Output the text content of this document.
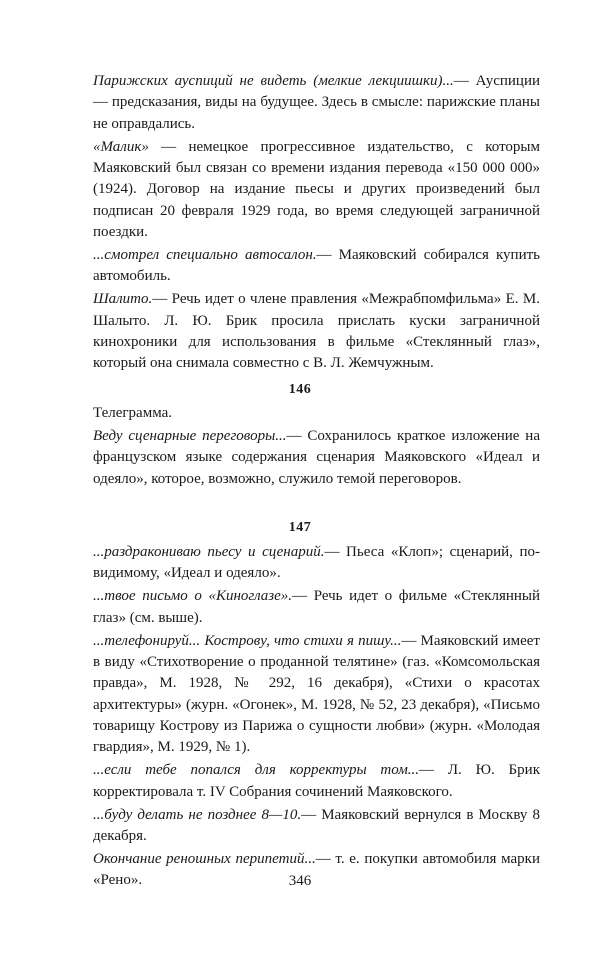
Парижских ауспиций не видеть (мелкие лекциишки)...— Ауспиции — предсказания, виды на будущее. Здесь в смысле: парижские планы не оправдались.

«Малик» — немецкое прогрессивное издательство, с которым Маяковский был связан со времени издания перевода «150 000 000» (1924). Договор на издание пьесы и других произведений был подписан 20 февраля 1929 года, во время следующей заграничной поездки.

...смотрел специально автосалон.— Маяковский собирался купить автомобиль.

Шалито.— Речь идет о члене правления «Межрабпомфильма» Е. М. Шалыто. Л. Ю. Брик просила прислать куски заграничной кинохроники для использования в фильме «Стеклянный глаз», который она снимала совместно с В. Л. Жемчужным.

146

Телеграмма.

Веду сценарные переговоры...— Сохранилось краткое изложение на французском языке содержания сценария Маяковского «Идеал и одеяло», которое, возможно, служило темой переговоров.

147

...раздракониваю пьесу и сценарий.— Пьеса «Клоп»; сценарий, по-видимому, «Идеал и одеяло».

...твое письмо о «Киноглазе».— Речь идет о фильме «Стеклянный глаз» (см. выше).

...телефонируй... Кострову, что стихи я пишу...— Маяковский имеет в виду «Стихотворение о проданной телятине» (газ. «Комсомольская правда», М. 1928, № 292, 16 декабря), «Стихи о красотах архитектуры» (журн. «Огонек», М. 1928, № 52, 23 декабря), «Письмо товарищу Кострову из Парижа о сущности любви» (журн. «Молодая гвардия», М. 1929, № 1).

...если тебе попался для корректуры том...— Л. Ю. Брик корректировала т. IV Собрания сочинений Маяковского.

...буду делать не позднее 8—10.— Маяковский вернулся в Москву 8 декабря.

Окончание реношных перипетий...— т. е. покупки автомобиля марки «Рено».	346
